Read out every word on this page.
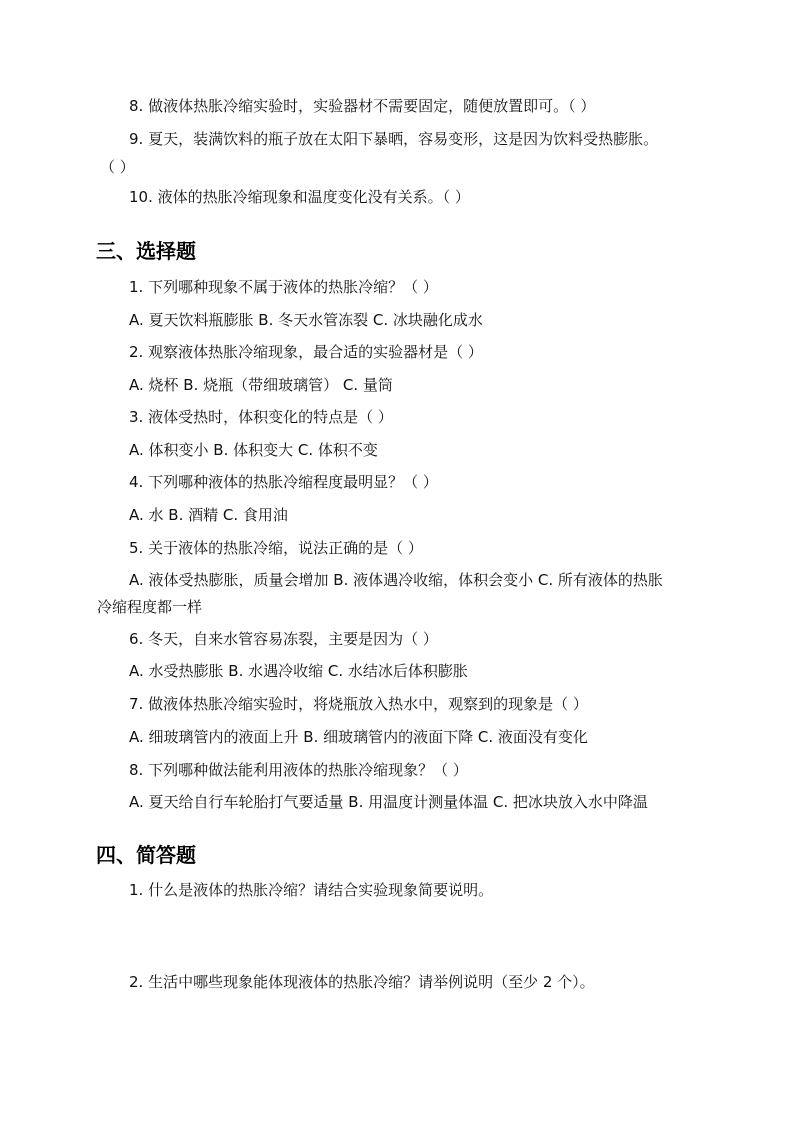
8. 做液体热胀冷缩实验时，实验器材不需要固定，随便放置即可。（ ）
9. 夏天，装满饮料的瓶子放在太阳下暴晒，容易变形，这是因为饮料受热膨胀。
（ ）
10. 液体的热胀冷缩现象和温度变化没有关系。（ ）
三、选择题
1. 下列哪种现象不属于液体的热胀冷缩？（ ）
A. 夏天饮料瓶膨胀 B. 冬天水管冻裂 C. 冰块融化成水
2. 观察液体热胀冷缩现象，最合适的实验器材是（ ）
A. 烧杯 B. 烧瓶（带细玻璃管） C. 量筒
3. 液体受热时，体积变化的特点是（ ）
A. 体积变小 B. 体积变大 C. 体积不变
4. 下列哪种液体的热胀冷缩程度最明显？（ ）
A. 水 B. 酒精 C. 食用油
5. 关于液体的热胀冷缩，说法正确的是（ ）
A. 液体受热膨胀，质量会增加 B. 液体遇冷收缩，体积会变小 C. 所有液体的热胀
冷缩程度都一样
6. 冬天，自来水管容易冻裂，主要是因为（ ）
A. 水受热膨胀 B. 水遇冷收缩 C. 水结冰后体积膨胀
7. 做液体热胀冷缩实验时，将烧瓶放入热水中，观察到的现象是（ ）
A. 细玻璃管内的液面上升 B. 细玻璃管内的液面下降 C. 液面没有变化
8. 下列哪种做法能利用液体的热胀冷缩现象？（ ）
A. 夏天给自行车轮胎打气要适量 B. 用温度计测量体温 C. 把冰块放入水中降温
四、简答题
1. 什么是液体的热胀冷缩？请结合实验现象简要说明。
2. 生活中哪些现象能体现液体的热胀冷缩？请举例说明（至少 2 个）。
